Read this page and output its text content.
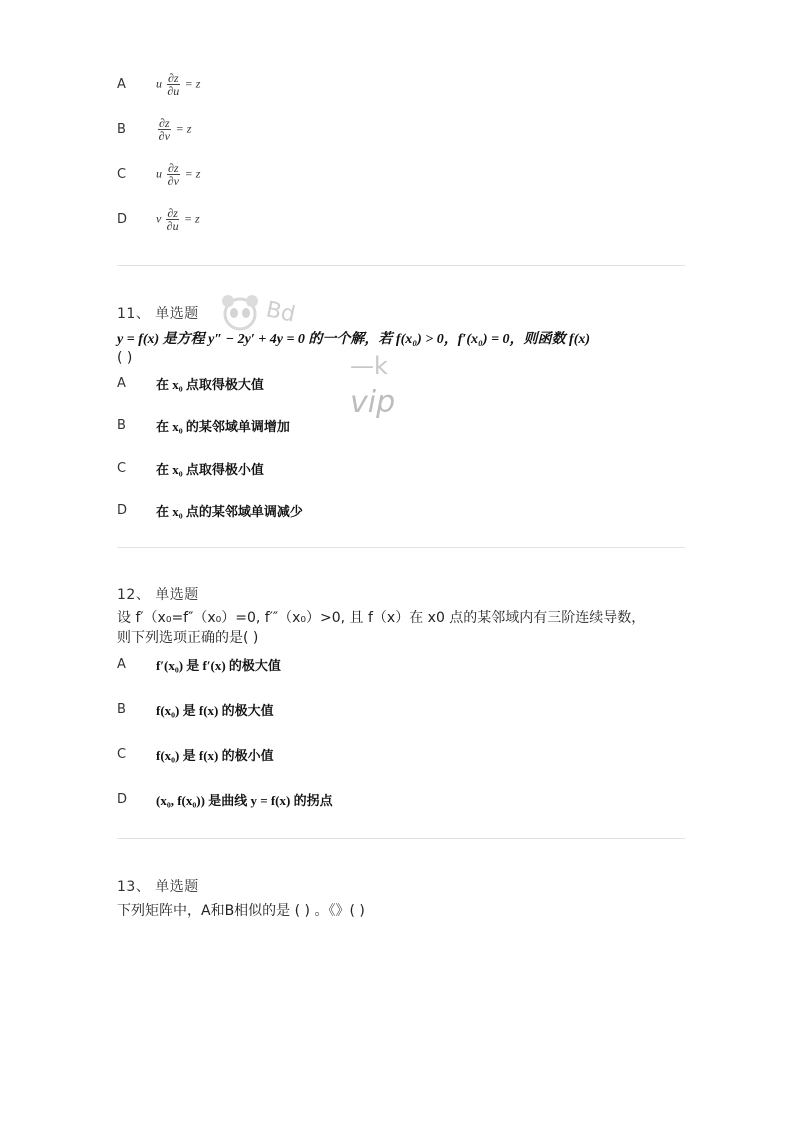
A	u $\frac{\partial z}{\partial u} = z$
B	$\frac{\partial z}{\partial v} = z$
C	u $\frac{\partial z}{\partial v} = z$
D	v $\frac{\partial z}{\partial u} = z$
Bd
—k
vip
11、 单选题
y = f(x) 是方程 y″ − 2y′ + 4y = 0 的一个解，若 f(x₀) > 0，f′(x₀) = 0，则函数 f(x)
( )
A	在 x₀ 点取得极大值
B	在 x₀ 的某邻域单调增加
C	在 x₀ 点取得极小值
D	在 x₀ 点的某邻域单调减少
12、 单选题
设 f′（x₀=f″（x₀）=0, f′″（x₀）>0, 且 f（x）在 x0 点的某邻域内有三阶连续导数，
则下列选项正确的是( )
A	f′(x₀) 是 f′(x) 的极大值
B	f(x₀) 是 f(x) 的极大值
C	f(x₀) 是 f(x) 的极小值
D	(x₀, f(x₀)) 是曲线 y = f(x) 的拐点
13、 单选题
下列矩阵中，A和B相似的是 ( ) 。《》( )
